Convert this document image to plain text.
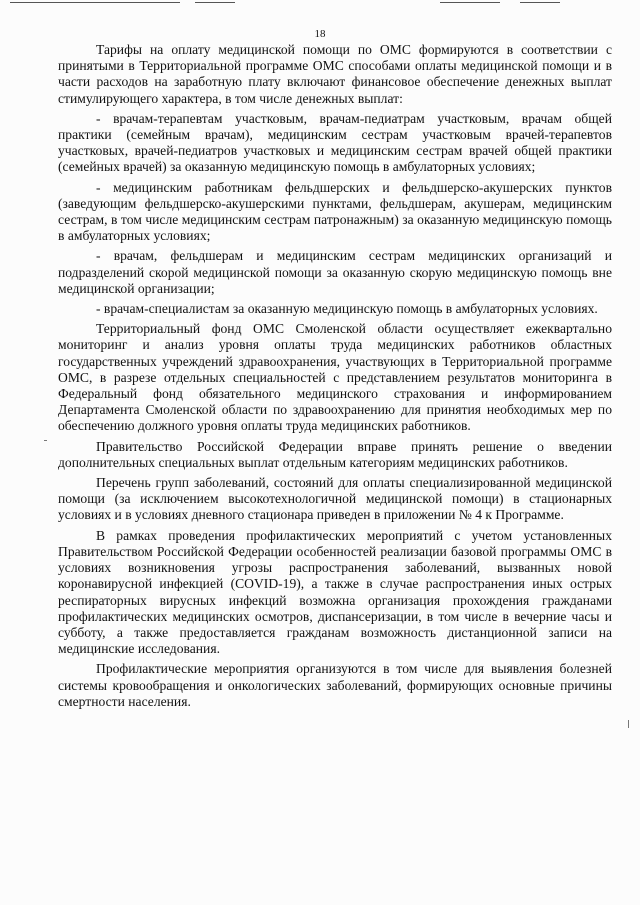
18

Тарифы на оплату медицинской помощи по ОМС формируются в соответствии с принятыми в Территориальной программе ОМС способами оплаты медицинской помощи и в части расходов на заработную плату включают финансовое обеспечение денежных выплат стимулирующего характера, в том числе денежных выплат:

- врачам-терапевтам участковым, врачам-педиатрам участковым, врачам общей практики (семейным врачам), медицинским сестрам участковым врачей-терапевтов участковых, врачей-педиатров участковых и медицинским сестрам врачей общей практики (семейных врачей) за оказанную медицинскую помощь в амбулаторных условиях;

- медицинским работникам фельдшерских и фельдшерско-акушерских пунктов (заведующим фельдшерско-акушерскими пунктами, фельдшерам, акушерам, медицинским сестрам, в том числе медицинским сестрам патронажным) за оказанную медицинскую помощь в амбулаторных условиях;

- врачам, фельдшерам и медицинским сестрам медицинских организаций и подразделений скорой медицинской помощи за оказанную скорую медицинскую помощь вне медицинской организации;

- врачам-специалистам за оказанную медицинскую помощь в амбулаторных условиях.

Территориальный фонд ОМС Смоленской области осуществляет ежеквартально мониторинг и анализ уровня оплаты труда медицинских работников областных государственных учреждений здравоохранения, участвующих в Территориальной программе ОМС, в разрезе отдельных специальностей с представлением результатов мониторинга в Федеральный фонд обязательного медицинского страхования и информированием Департамента Смоленской области по здравоохранению для принятия необходимых мер по обеспечению должного уровня оплаты труда медицинских работников.

Правительство Российской Федерации вправе принять решение о введении дополнительных специальных выплат отдельным категориям медицинских работников.

Перечень групп заболеваний, состояний для оплаты специализированной медицинской помощи (за исключением высокотехнологичной медицинской помощи) в стационарных условиях и в условиях дневного стационара приведен в приложении № 4 к Программе.

В рамках проведения профилактических мероприятий с учетом установленных Правительством Российской Федерации особенностей реализации базовой программы ОМС в условиях возникновения угрозы распространения заболеваний, вызванных новой коронавирусной инфекцией (COVID-19), а также в случае распространения иных острых респираторных вирусных инфекций возможна организация прохождения гражданами профилактических медицинских осмотров, диспансеризации, в том числе в вечерние часы и субботу, а также предоставляется гражданам возможность дистанционной записи на медицинские исследования.

Профилактические мероприятия организуются в том числе для выявления болезней системы кровообращения и онкологических заболеваний, формирующих основные причины смертности населения.
